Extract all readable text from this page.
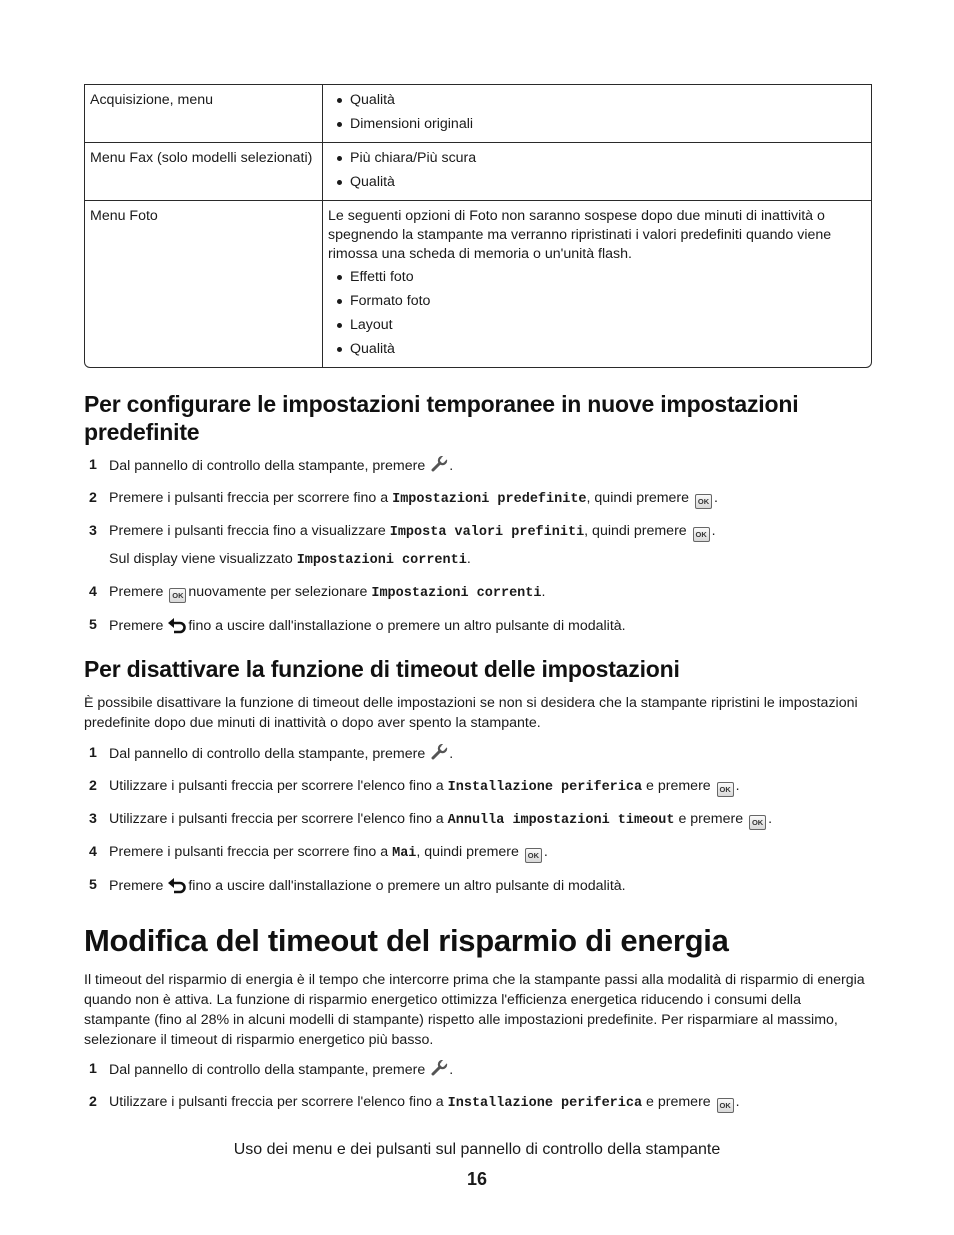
Acquisizione, menu	Qualità
Dimensioni originali
Menu Fax (solo modelli selezionati)	Più chiara/Più scura
Qualità
Menu Foto	Le seguenti opzioni di Foto non saranno sospese dopo due minuti di inattività o spegnendo la stampante ma verranno ripristinati i valori predefiniti quando viene rimossa una scheda di memoria o un'unità flash.

Effetti foto
Formato foto
Layout
Qualità
Per configurare le impostazioni temporanee in nuove impostazioni predefinite
1 Dal pannello di controllo della stampante, premere .
2 Premere i pulsanti freccia per scorrere fino a Impostazioni predefinite, quindi premere OK .
3 Premere i pulsanti freccia fino a visualizzare Imposta valori prefiniti, quindi premere OK .
Sul display viene visualizzato Impostazioni correnti.
4 Premere OK nuovamente per selezionare Impostazioni correnti.
5 Premere fino a uscire dall'installazione o premere un altro pulsante di modalità.
Per disattivare la funzione di timeout delle impostazioni

È possibile disattivare la funzione di timeout delle impostazioni se non si desidera che la stampante ripristini le impostazioni predefinite dopo due minuti di inattività o dopo aver spento la stampante.

1 Dal pannello di controllo della stampante, premere .
2 Utilizzare i pulsanti freccia per scorrere l'elenco fino a Installazione periferica e premere OK .
3 Utilizzare i pulsanti freccia per scorrere l'elenco fino a Annulla impostazioni timeout e premere OK .
4 Premere i pulsanti freccia per scorrere fino a Mai, quindi premere OK .
5 Premere fino a uscire dall'installazione o premere un altro pulsante di modalità.
Modifica del timeout del risparmio di energia

Il timeout del risparmio di energia è il tempo che intercorre prima che la stampante passi alla modalità di risparmio di energia quando non è attiva. La funzione di risparmio energetico ottimizza l'efficienza energetica riducendo i consumi della stampante (fino al 28% in alcuni modelli di stampante) rispetto alle impostazioni predefinite. Per risparmiare al massimo, selezionare il timeout di risparmio energetico più basso.

1 Dal pannello di controllo della stampante, premere .
2 Utilizzare i pulsanti freccia per scorrere l'elenco fino a Installazione periferica e premere OK .
Uso dei menu e dei pulsanti sul pannello di controllo della stampante
16
